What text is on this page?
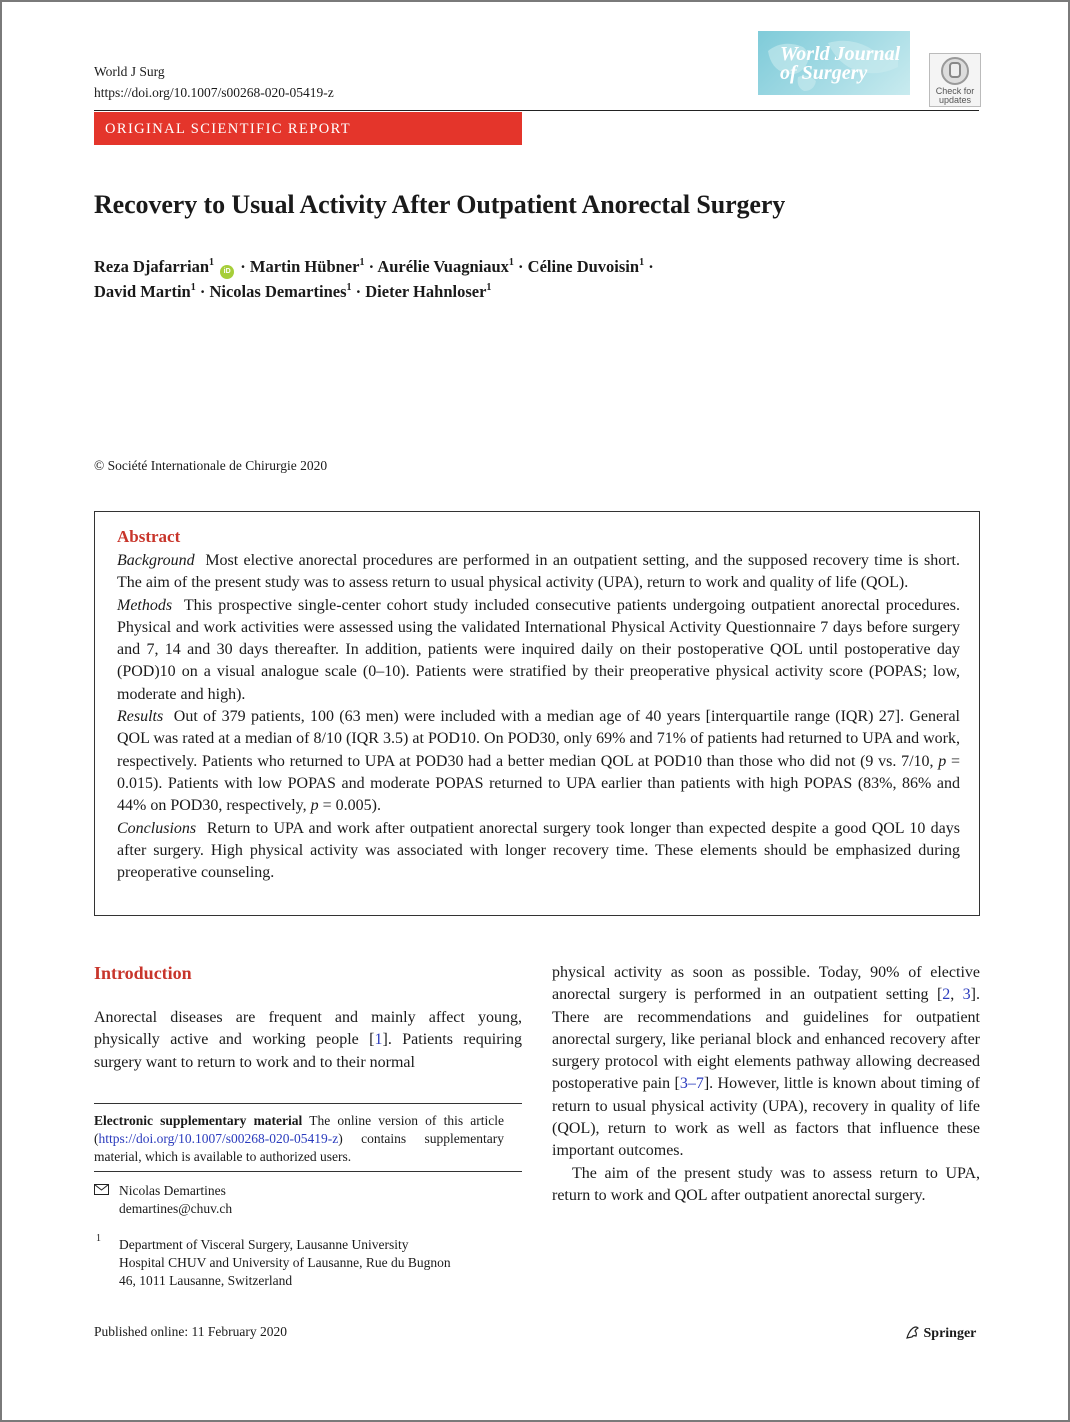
World J Surg
https://doi.org/10.1007/s00268-020-05419-z
World Journal
of Surgery
Check for
updates
ORIGINAL SCIENTIFIC REPORT
Recovery to Usual Activity After Outpatient Anorectal Surgery
Reza Djafarrian$^1$ iD · Martin Hübner$^1$ · Aurélie Vuagniaux$^1$ · Céline Duvoisin$^1$ ·
David Martin$^1$ · Nicolas Demartines$^1$ · Dieter Hahnloser$^1$
© Société Internationale de Chirurgie 2020
Abstract

Background Most elective anorectal procedures are performed in an outpatient setting, and the supposed recovery time is short. The aim of the present study was to assess return to usual physical activity (UPA), return to work and quality of life (QOL).

Methods This prospective single-center cohort study included consecutive patients undergoing outpatient anorectal procedures. Physical and work activities were assessed using the validated International Physical Activity Questionnaire 7 days before surgery and 7, 14 and 30 days thereafter. In addition, patients were inquired daily on their postoperative QOL until postoperative day (POD)10 on a visual analogue scale (0–10). Patients were stratified by their preoperative physical activity score (POPAS; low, moderate and high).

Results Out of 379 patients, 100 (63 men) were included with a median age of 40 years [interquartile range (IQR) 27]. General QOL was rated at a median of 8/10 (IQR 3.5) at POD10. On POD30, only 69% and 71% of patients had returned to UPA and work, respectively. Patients who returned to UPA at POD30 had a better median QOL at POD10 than those who did not (9 vs. 7/10, p = 0.015). Patients with low POPAS and moderate POPAS returned to UPA earlier than patients with high POPAS (83%, 86% and 44% on POD30, respectively, p = 0.005).

Conclusions Return to UPA and work after outpatient anorectal surgery took longer than expected despite a good QOL 10 days after surgery. High physical activity was associated with longer recovery time. These elements should be emphasized during preoperative counseling.

Introduction

Anorectal diseases are frequent and mainly affect young, physically active and working people [1]. Patients requiring surgery want to return to work and to their normal

Electronic supplementary material The online version of this article (https://doi.org/10.1007/s00268-020-05419-z) contains supplementary material, which is available to authorized users.
Nicolas Demartines
demartines@chuv.ch
1 Department of Visceral Surgery, Lausanne University
Hospital CHUV and University of Lausanne, Rue du Bugnon
46, 1011 Lausanne, Switzerland

physical activity as soon as possible. Today, 90% of elective anorectal surgery is performed in an outpatient setting [2, 3]. There are recommendations and guidelines for outpatient anorectal surgery, like perianal block and enhanced recovery after surgery protocol with eight elements pathway allowing decreased postoperative pain [3–7]. However, little is known about timing of return to usual physical activity (UPA), recovery in quality of life (QOL), return to work as well as factors that influence these important outcomes.

The aim of the present study was to assess return to UPA, return to work and QOL after outpatient anorectal surgery.

Published online: 11 February 2020	Springer
